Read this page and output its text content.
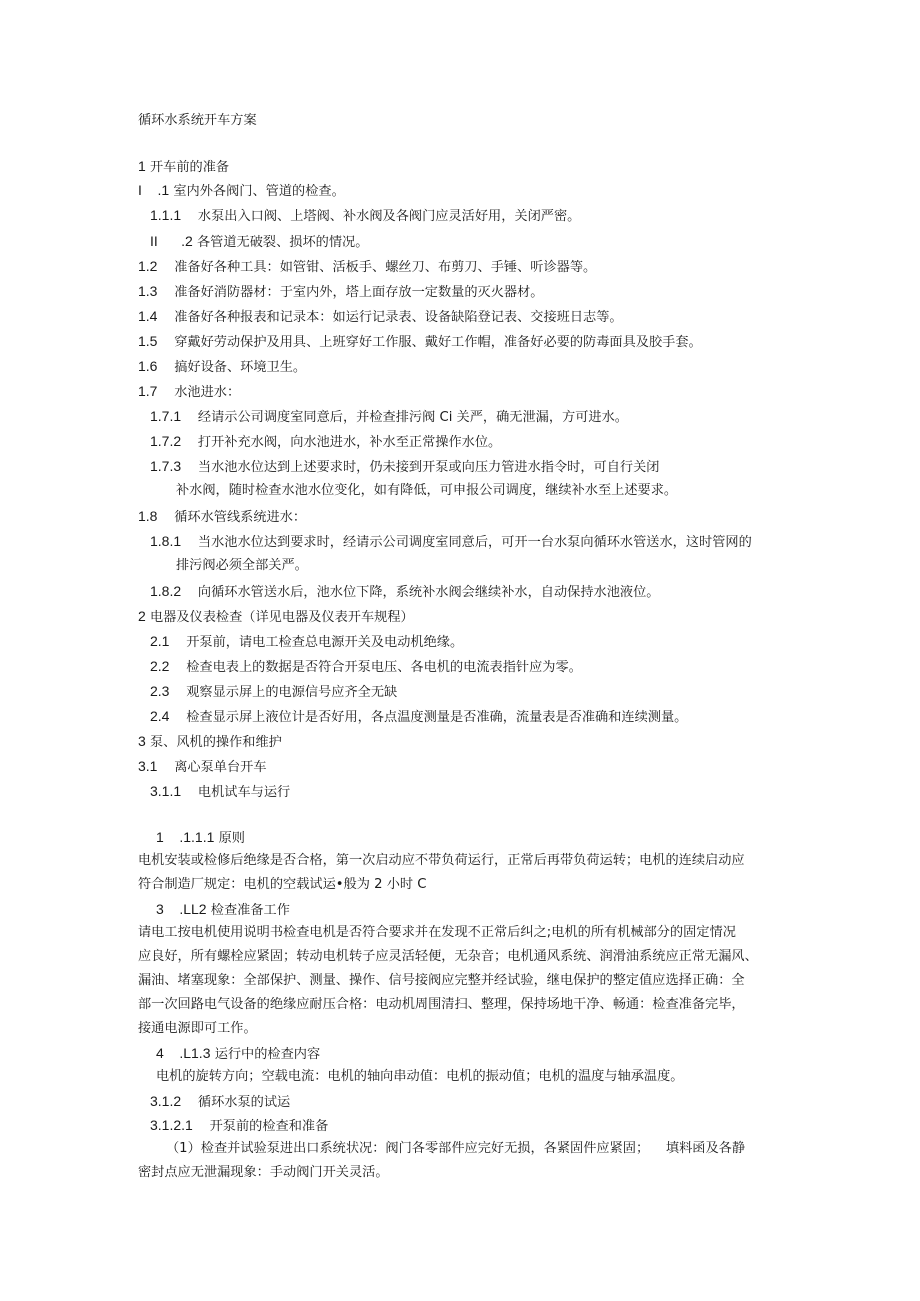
循环水系统开车方案
1 开车前的准备
I    .1 室内外各阀门、管道的检查。
1.1.1 水泵出入口阀、上塔阀、补水阀及各阀门应灵活好用，关闭严密。
II      .2 各管道无破裂、损坏的情况。
1.2 准备好各种工具：如管钳、活板手、螺丝刀、布剪刀、手锤、听诊器等。
1.3 准备好消防器材：于室内外，塔上面存放一定数量的灭火器材。
1.4 准备好各种报表和记录本：如运行记录表、设备缺陷登记表、交接班日志等。
1.5 穿戴好劳动保护及用具、上班穿好工作服、戴好工作帽，准备好必要的防毒面具及胶手套。
1.6 搞好设备、环境卫生。
1.7 水池进水：
1.7.1 经请示公司调度室同意后，并检查排污阀 Ci 关严，确无泄漏，方可进水。
1.7.2 打开补充水阀，向水池进水，补水至正常操作水位。
1.7.3 当水池水位达到上述要求时，仍未接到开泵或向压力管进水指令时，可自行关闭
补水阀，随时检查水池水位变化，如有降低，可申报公司调度，继续补水至上述要求。
1.8 循环水管线系统进水：
1.8.1 当水池水位达到要求时，经请示公司调度室同意后，可开一台水泵向循环水管送水，这时管网的
排污阀必须全部关严。
1.8.2 向循环水管送水后，池水位下降，系统补水阀会继续补水，自动保持水池液位。
2 电器及仪表检查（详见电器及仪表开车规程）
2.1 开泵前，请电工检查总电源开关及电动机绝缘。
2.2 检查电表上的数据是否符合开泵电压、各电机的电流表指针应为零。
2.3 观察显示屏上的电源信号应齐全无缺
2.4 检查显示屏上液位计是否好用，各点温度测量是否准确，流量表是否准确和连续测量。
3 泵、风机的操作和维护
3.1 离心泵单台开车
3.1.1 电机试车与运行
1    .1.1.1 原则
电机安装或检修后绝缘是否合格，第一次启动应不带负荷运行，正常后再带负荷运转；电机的连续启动应
符合制造厂规定：电机的空载试运•般为 2 小时 C
3    .LL2 检查准备工作
请电工按电机使用说明书检查电机是否符合要求并在发现不正常后纠之;电机的所有机械部分的固定情况
应良好，所有螺栓应紧固；转动电机转子应灵活轻便，无杂音；电机通风系统、润滑油系统应正常无漏风、
漏油、堵塞现象：全部保护、测量、操作、信号接阀应完整并经试验，继电保护的整定值应选择正确：全
部一次回路电气设备的绝缘应耐压合格：电动机周围清扫、整理，保持场地干净、畅通：检查准备完毕，
接通电源即可工作。
4    .L1.3 运行中的检查内容
电机的旋转方向；空载电流：电机的轴向串动值：电机的振动值；电机的温度与轴承温度。
3.1.2 循环水泵的试运
3.1.2.1 开泵前的检查和准备
（1）检查并试验泵进出口系统状况：阀门各零部件应完好无损，各紧固件应紧固；    填料函及各静
密封点应无泄漏现象：手动阀门开关灵活。
